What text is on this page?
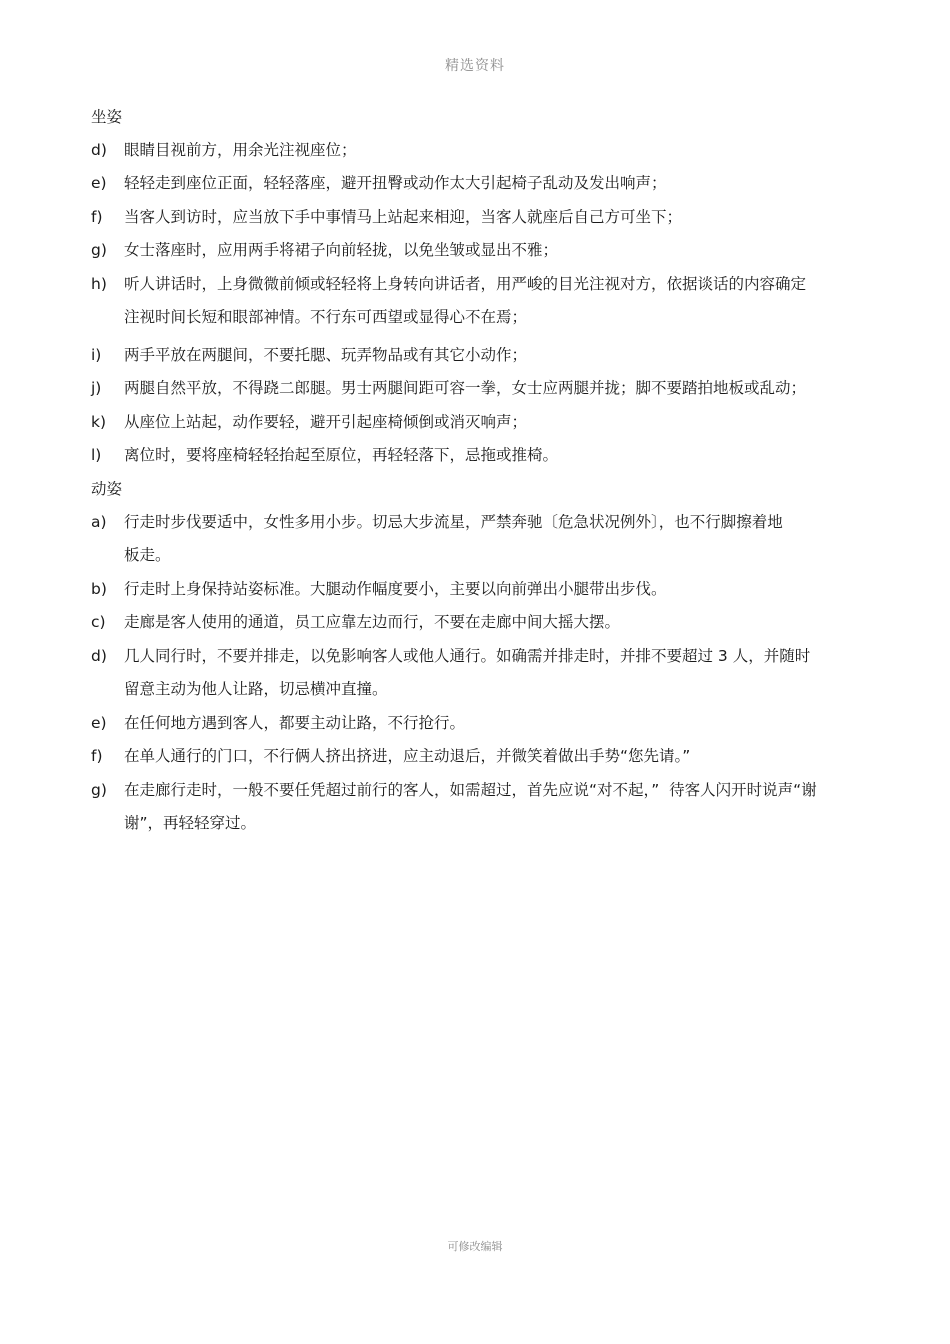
精选资料
坐姿
d) 眼睛目视前方，用余光注视座位；
e) 轻轻走到座位正面，轻轻落座，避开扭臀或动作太大引起椅子乱动及发出响声；
f) 当客人到访时，应当放下手中事情马上站起来相迎，当客人就座后自己方可坐下；
g) 女士落座时，应用两手将裙子向前轻拢，以免坐皱或显出不雅；
h) 听人讲话时，上身微微前倾或轻轻将上身转向讲话者，用严峻的目光注视对方，依据谈话的内容确定
注视时间长短和眼部神情。不行东可西望或显得心不在焉；
i) 两手平放在两腿间，不要托腮、玩弄物品或有其它小动作；
j) 两腿自然平放，不得跷二郎腿。男士两腿间距可容一拳，女士应两腿并拢；脚不要踏拍地板或乱动；
k) 从座位上站起，动作要轻，避开引起座椅倾倒或消灭响声；
l) 离位时，要将座椅轻轻抬起至原位，再轻轻落下，忌拖或推椅。
动姿
a) 行走时步伐要适中，女性多用小步。切忌大步流星，严禁奔驰〔危急状况例外〕，也不行脚擦着地
板走。
b) 行走时上身保持站姿标准。大腿动作幅度要小，主要以向前弹出小腿带出步伐。
c) 走廊是客人使用的通道，员工应靠左边而行，不要在走廊中间大摇大摆。
d) 几人同行时，不要并排走，以免影响客人或他人通行。如确需并排走时，并排不要超过 3 人，并随时
留意主动为他人让路，切忌横冲直撞。
e) 在任何地方遇到客人，都要主动让路，不行抢行。
f) 在单人通行的门口，不行俩人挤出挤进，应主动退后，并微笑着做出手势“您先请。”
g) 在走廊行走时，一般不要任凭超过前行的客人，如需超过，首先应说“对不起，”  待客人闪开时说声“谢
谢”，再轻轻穿过。
可修改编辑
